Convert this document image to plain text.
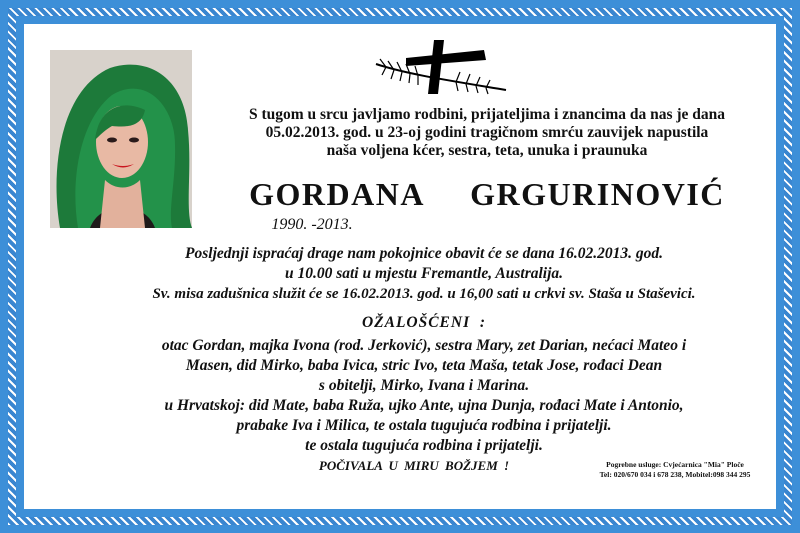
S tugom u srcu javljamo rodbini, prijateljima i znancima da nas je dana
05.02.2013. god. u 23-oj godini tragičnom smrću zauvijek napustila
naša voljena kćer, sestra, teta, unuka i praunuka
GORDANA  GRGURINOVIĆ
1990. -2013.
Posljednji ispraćaj drage nam pokojnice obavit će se dana 16.02.2013. god.
u 10.00 sati u mjestu Fremantle, Australija.
Sv. misa zadušnica služit će se 16.02.2013. god. u 16,00 sati u crkvi sv. Staša u Staševici.
OŽALOŠĆENI  :
otac Gordan, majka Ivona (rod. Jerković), sestra Mary, zet Darian, nećaci Mateo i
Masen, did Mirko, baba Ivica, stric Ivo, teta Maša, tetak Jose, rođaci Dean
s obitelji, Mirko, Ivana i Marina.
u Hrvatskoj: did Mate, baba Ruža, ujko Ante, ujna Dunja, rođaci Mate i Antonio,
prabake Iva i Milica, te ostala tugujuća rodbina i prijatelji.
te ostala tugujuća rodbina i prijatelji.
POČIVALA U MIRU BOŽJEM !	Pogrebne usluge: Cvjećarnica "Mia" Ploče
Tel: 020/670 034 i 678 238, Mobitel:098 344 295
